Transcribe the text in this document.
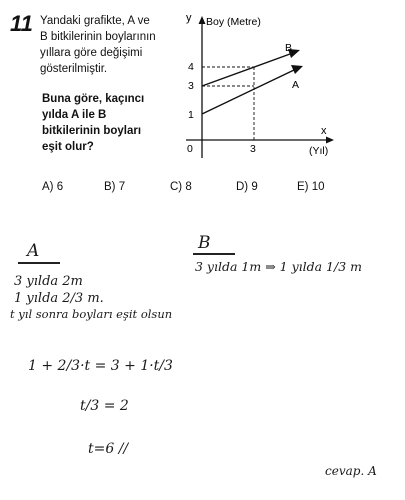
11 Yandaki grafikte, A ve
B bitkilerinin boylarının
yıllara göre değişimi
gösterilmiştir.
Buna göre, kaçıncı
yılda A ile B
bitkilerinin boyları
eşit olur?
y Boy (Metre)
x
(Yıl)
0
1
3
4
3
B
A
A) 6	B) 7	C) 8	D) 9	E) 10
A
3 yılda 2m
1 yılda 2/3 m.
B
3 yılda 1m ⇒ 1 yılda 1/3 m
t yıl sonra boyları eşit olsun
1 + 2/3·t = 3 + 1·t/3
t/3 = 2
t=6 //
cevap. A
